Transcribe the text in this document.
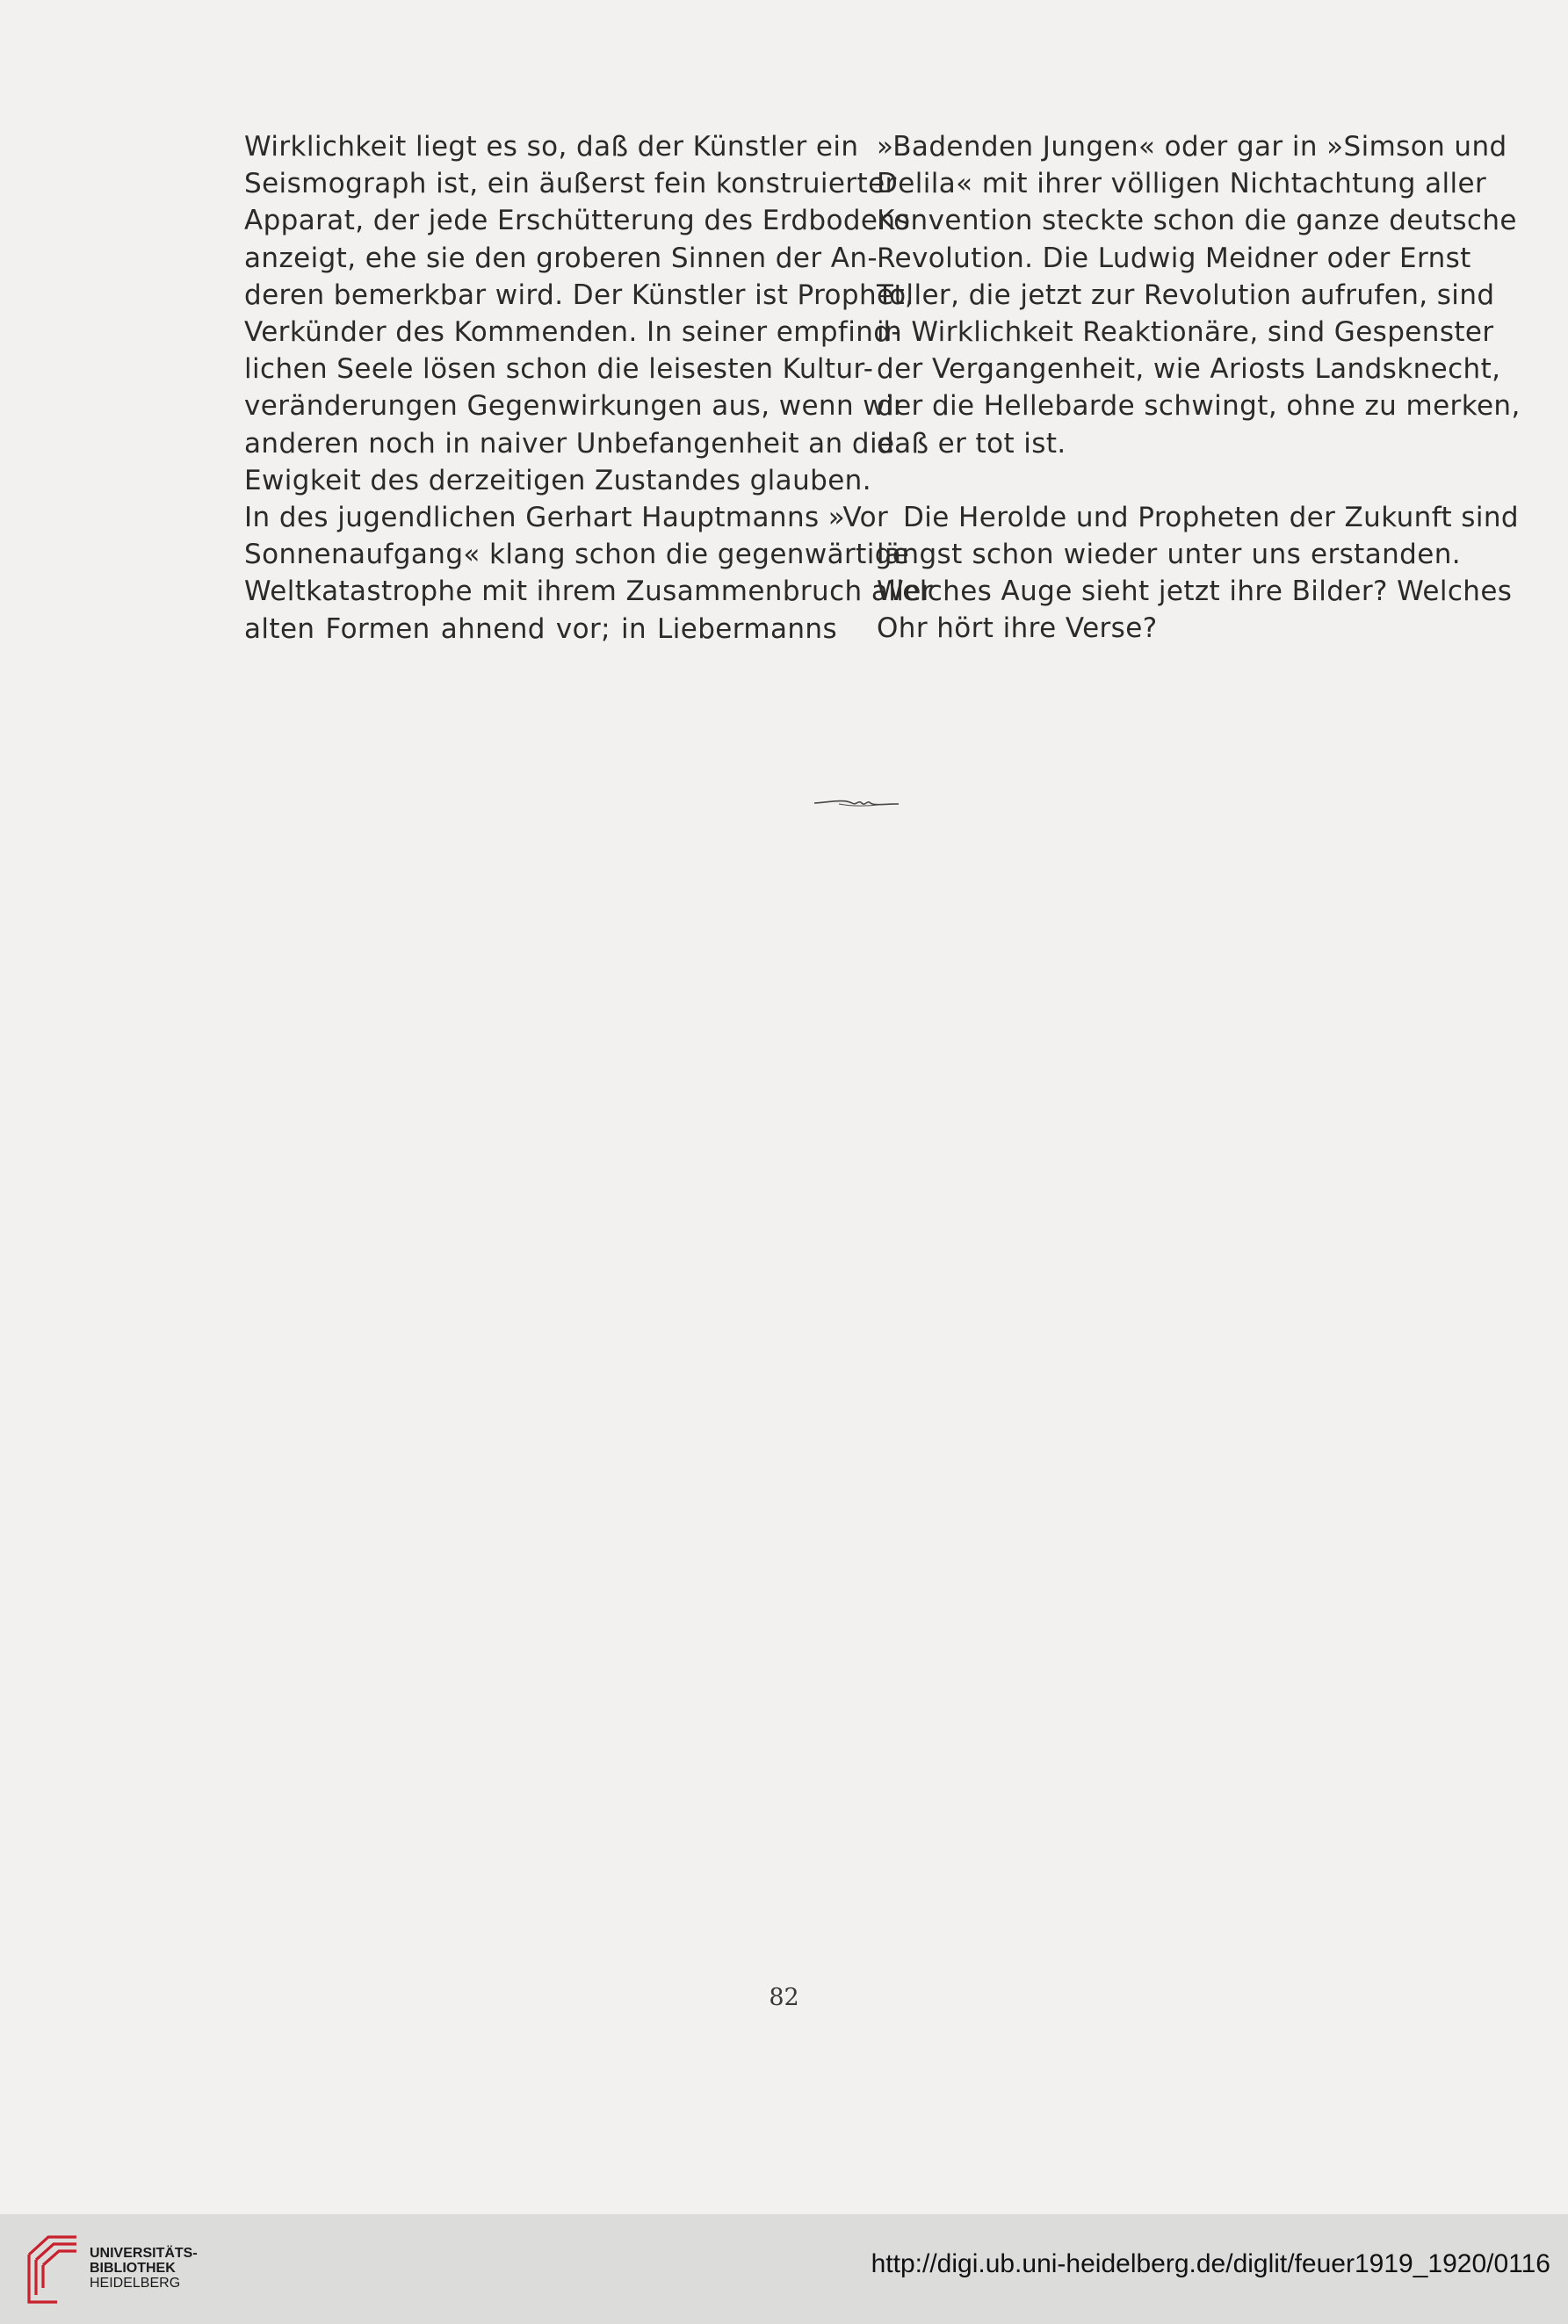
Wirklichkeit liegt es so, daß der Künstler ein
Seismograph ist, ein äußerst fein konstruierter
Apparat, der jede Erschütterung des Erdbodens
anzeigt, ehe sie den groberen Sinnen der An-
deren bemerkbar wird. Der Künstler ist Prophet,
Verkünder des Kommenden. In seiner empfind-
lichen Seele lösen schon die leisesten Kultur-
veränderungen Gegenwirkungen aus, wenn wir
anderen noch in naiver Unbefangenheit an die
Ewigkeit des derzeitigen Zustandes glauben.
In des jugendlichen Gerhart Hauptmanns »Vor
Sonnenaufgang« klang schon die gegenwärtige
Weltkatastrophe mit ihrem Zusammenbruch aller
alten Formen ahnend vor; in Liebermanns
»Badenden Jungen« oder gar in »Simson und
Delila« mit ihrer völligen Nichtachtung aller
Konvention steckte schon die ganze deutsche
Revolution. Die Ludwig Meidner oder Ernst
Toller, die jetzt zur Revolution aufrufen, sind
in Wirklichkeit Reaktionäre, sind Gespenster
der Vergangenheit, wie Ariosts Landsknecht,
der die Hellebarde schwingt, ohne zu merken,
daß er tot ist.
Die Herolde und Propheten der Zukunft sind
längst schon wieder unter uns erstanden.
Welches Auge sieht jetzt ihre Bilder? Welches
Ohr hört ihre Verse?
82
UNIVERSITÄTS-
BIBLIOTHEK
HEIDELBERG
http://digi.ub.uni-heidelberg.de/diglit/feuer1919_1920/0116
